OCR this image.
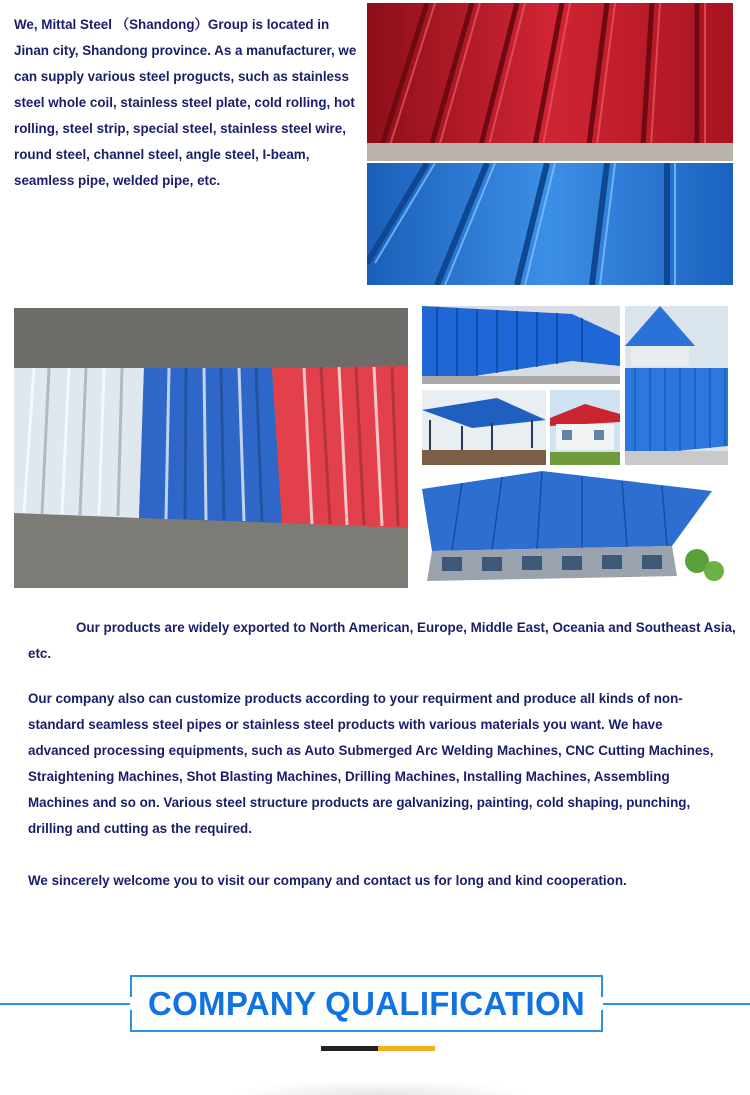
We, Mittal Steel （Shandong）Group is located in Jinan city, Shandong province. As a manufacturer, we can supply various steel progucts, such as stainless steel whole coil, stainless steel plate, cold rolling, hot rolling, steel strip, special steel, stainless steel wire, round steel, channel steel, angle steel, I-beam, seamless pipe, welded pipe, etc.
Our products are widely exported to North American, Europe, Middle East, Oceania and Southeast Asia, etc.
Our company also can customize products according to your requirment and produce all kinds of non-standard seamless steel pipes or stainless steel products with various materials you want. We have advanced processing equipments, such as Auto Submerged Arc Welding Machines, CNC Cutting Machines, Straightening Machines, Shot Blasting Machines, Drilling Machines, Installing Machines, Assembling Machines and so on. Various steel structure products are galvanizing, painting, cold shaping, punching, drilling and cutting as the required.
We sincerely welcome you to visit our company and contact us for long and kind cooperation.
COMPANY QUALIFICATION
